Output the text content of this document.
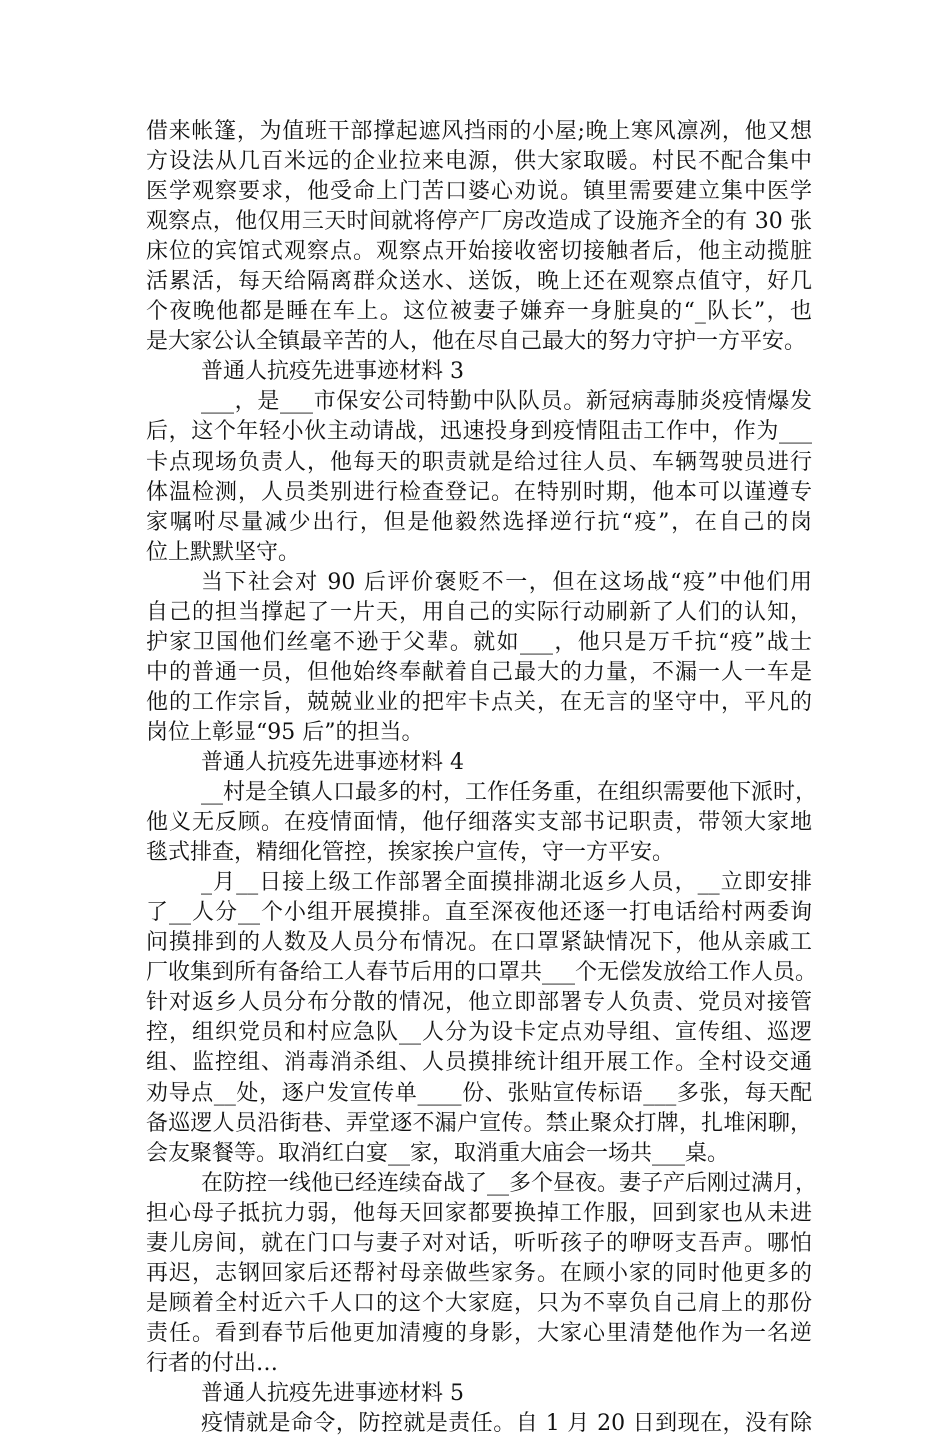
借来帐篷，为值班干部撑起遮风挡雨的小屋;晚上寒风凛冽，他又想
方设法从几百米远的企业拉来电源，供大家取暖。村民不配合集中
医学观察要求，他受命上门苦口婆心劝说。镇里需要建立集中医学
观察点，他仅用三天时间就将停产厂房改造成了设施齐全的有 30 张
床位的宾馆式观察点。观察点开始接收密切接触者后，他主动揽脏
活累活，每天给隔离群众送水、送饭，晚上还在观察点值守，好几
个夜晚他都是睡在车上。这位被妻子嫌弃一身脏臭的“_队长”，也
是大家公认全镇最辛苦的人，他在尽自己最大的努力守护一方平安。
普通人抗疫先进事迹材料 3
___，是___市保安公司特勤中队队员。新冠病毒肺炎疫情爆发
后，这个年轻小伙主动请战，迅速投身到疫情阻击工作中，作为___
卡点现场负责人，他每天的职责就是给过往人员、车辆驾驶员进行
体温检测，人员类别进行检查登记。在特别时期，他本可以谨遵专
家嘱咐尽量减少出行，但是他毅然选择逆行抗“疫”，在自己的岗
位上默默坚守。
当下社会对 90 后评价褒贬不一，但在这场战“疫”中他们用
自己的担当撑起了一片天，用自己的实际行动刷新了人们的认知，
护家卫国他们丝毫不逊于父辈。就如___，他只是万千抗“疫”战士
中的普通一员，但他始终奉献着自己最大的力量，不漏一人一车是
他的工作宗旨，兢兢业业的把牢卡点关，在无言的坚守中，平凡的
岗位上彰显“95 后”的担当。
普通人抗疫先进事迹材料 4
__村是全镇人口最多的村，工作任务重，在组织需要他下派时，
他义无反顾。在疫情面情，他仔细落实支部书记职责，带领大家地
毯式排查，精细化管控，挨家挨户宣传，守一方平安。
_月__日接上级工作部署全面摸排湖北返乡人员，__立即安排
了__人分__个小组开展摸排。直至深夜他还逐一打电话给村两委询
问摸排到的人数及人员分布情况。在口罩紧缺情况下，他从亲戚工
厂收集到所有备给工人春节后用的口罩共___个无偿发放给工作人员。
针对返乡人员分布分散的情况，他立即部署专人负责、党员对接管
控，组织党员和村应急队__人分为设卡定点劝导组、宣传组、巡逻
组、监控组、消毒消杀组、人员摸排统计组开展工作。全村设交通
劝导点__处，逐户发宣传单____份、张贴宣传标语___多张，每天配
备巡逻人员沿街巷、弄堂逐不漏户宣传。禁止聚众打牌，扎堆闲聊，
会友聚餐等。取消红白宴__家，取消重大庙会一场共___桌。
在防控一线他已经连续奋战了__多个昼夜。妻子产后刚过满月，
担心母子抵抗力弱，他每天回家都要换掉工作服，回到家也从未进
妻儿房间，就在门口与妻子对对话，听听孩子的咿呀支吾声。哪怕
再迟，志钢回家后还帮衬母亲做些家务。在顾小家的同时他更多的
是顾着全村近六千人口的这个大家庭，只为不辜负自己肩上的那份
责任。看到春节后他更加清瘦的身影，大家心里清楚他作为一名逆
行者的付出…
普通人抗疫先进事迹材料 5
疫情就是命令，防控就是责任。自 1 月 20 日到现在，没有除
